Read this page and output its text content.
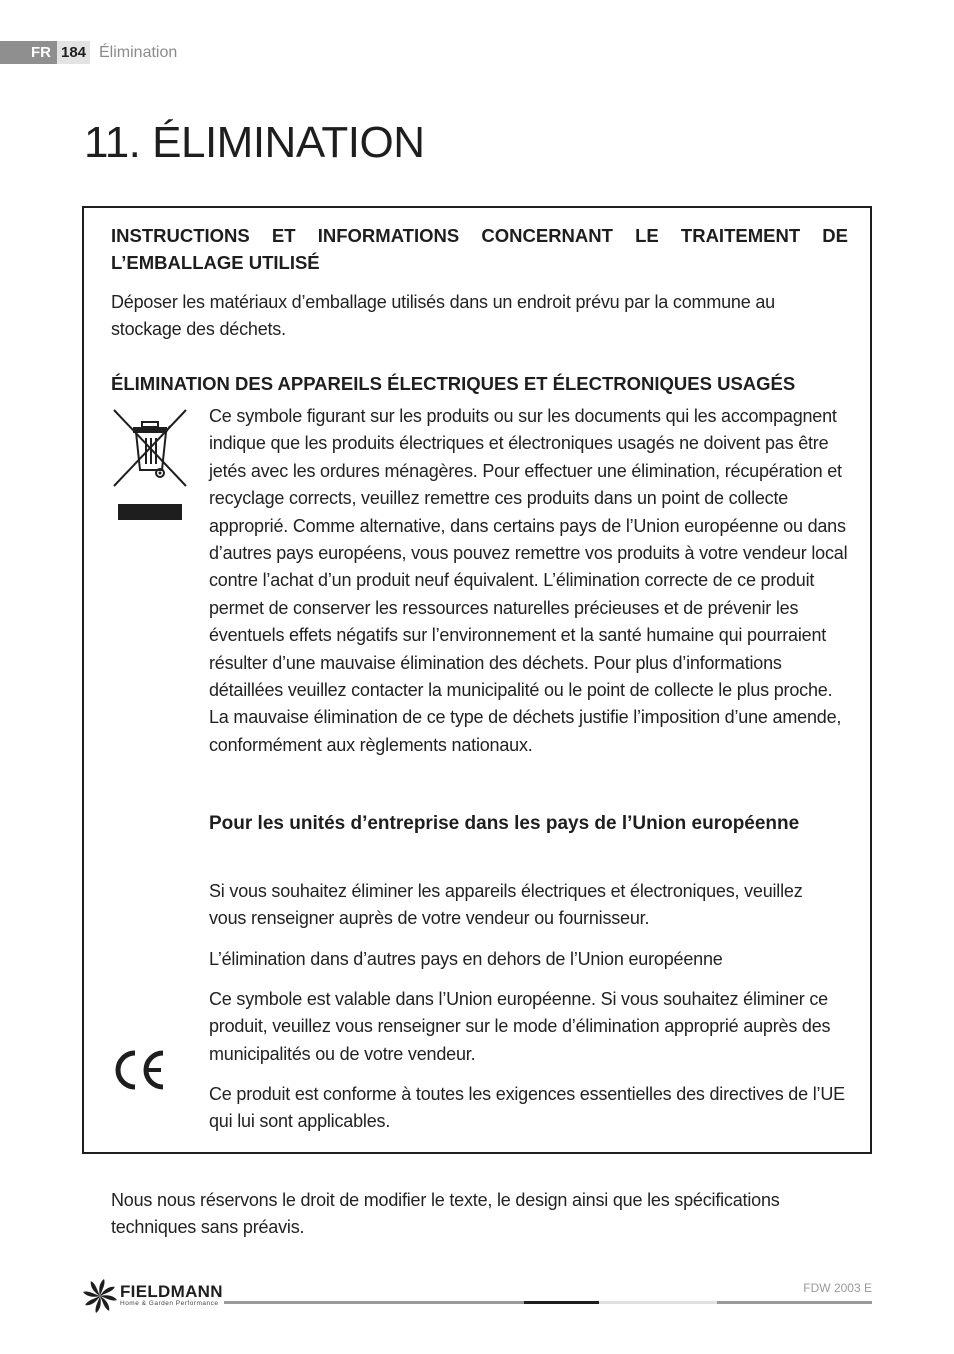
FR 184 Élimination
11. ÉLIMINATION
INSTRUCTIONS ET INFORMATIONS CONCERNANT LE TRAITEMENT DE L’EMBALLAGE UTILISÉ
Déposer les matériaux d’emballage utilisés dans un endroit prévu par la commune au stockage des déchets.
ÉLIMINATION DES APPAREILS ÉLECTRIQUES ET ÉLECTRONIQUES USAGÉS
Ce symbole figurant sur les produits ou sur les documents qui les accompagnent indique que les produits électriques et électroniques usagés ne doivent pas être jetés avec les ordures ménagères. Pour effectuer une élimination, récupération et recyclage corrects, veuillez remettre ces produits dans un point de collecte approprié. Comme alternative, dans certains pays de l’Union européenne ou dans d’autres pays européens, vous pouvez remettre vos produits à votre vendeur local contre l’achat d’un produit neuf équivalent. L’élimination correcte de ce produit permet de conserver les ressources naturelles précieuses et de prévenir les éventuels effets négatifs sur l’environnement et la santé humaine qui pourraient résulter d’une mauvaise élimination des déchets. Pour plus d’informations détaillées veuillez contacter la municipalité ou le point de collecte le plus proche. La mauvaise élimination de ce type de déchets justifie l’imposition d’une amende, conformément aux règlements nationaux.
Pour les unités d’entreprise dans les pays de l’Union européenne
Si vous souhaitez éliminer les appareils électriques et électroniques, veuillez vous renseigner auprès de votre vendeur ou fournisseur.
L’élimination dans d’autres pays en dehors de l’Union européenne
Ce symbole est valable dans l’Union européenne. Si vous souhaitez éliminer ce produit, veuillez vous renseigner sur le mode d’élimination approprié auprès des municipalités ou de votre vendeur.
Ce produit est conforme à toutes les exigences essentielles des directives de l’UE qui lui sont applicables.
Nous nous réservons le droit de modifier le texte, le design ainsi que les spécifications techniques sans préavis.
FIELDMANN
Home & Garden Performance
FDW 2003 E
